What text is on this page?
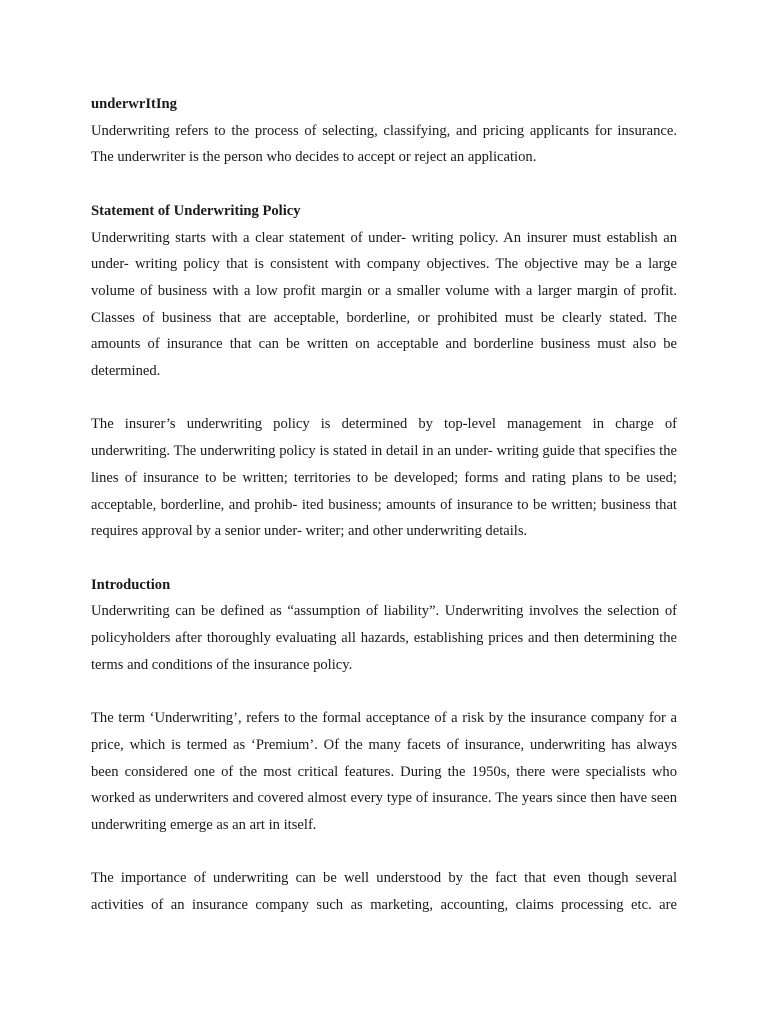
underwrItIng

Underwriting refers to the process of selecting, classifying, and pricing applicants for insurance. The underwriter is the person who decides to accept or reject an application.

Statement of Underwriting Policy

Underwriting starts with a clear statement of under- writing policy. An insurer must establish an under- writing policy that is consistent with company objectives. The objective may be a large volume of business with a low profit margin or a smaller volume with a larger margin of profit. Classes of business that are acceptable, borderline, or prohibited must be clearly stated. The amounts of insurance that can be written on acceptable and borderline business must also be determined.

The insurer’s underwriting policy is determined by top-level management in charge of underwriting. The underwriting policy is stated in detail in an under- writing guide that specifies the lines of insurance to be written; territories to be developed; forms and rating plans to be used; acceptable, borderline, and prohib- ited business; amounts of insurance to be written; business that requires approval by a senior under- writer; and other underwriting details.

Introduction

Underwriting can be defined as “assumption of liability”. Underwriting involves the selection of policyholders after thoroughly evaluating all hazards, establishing prices and then determining the terms and conditions of the insurance policy.

The term ‘Underwriting’, refers to the formal acceptance of a risk by the insurance company for a price, which is termed as ‘Premium’. Of the many facets of insurance, underwriting has always been considered one of the most critical features. During the 1950s, there were specialists who worked as underwriters and covered almost every type of insurance. The years since then have seen underwriting emerge as an art in itself.

The importance of underwriting can be well understood by the fact that even though several activities of an insurance company such as marketing, accounting, claims processing etc. are
